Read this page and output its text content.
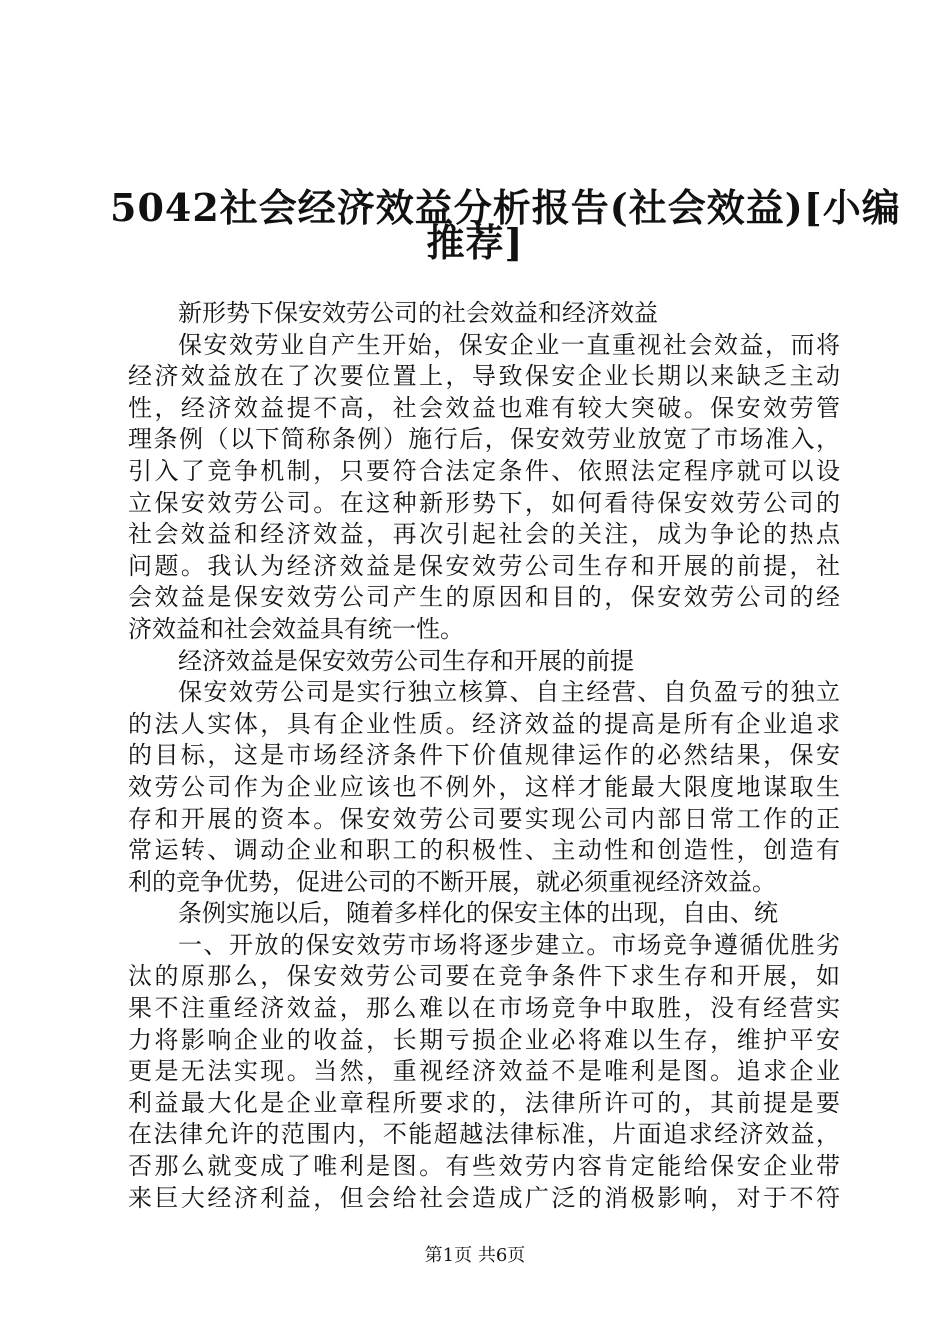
5042社会经济效益分析报告(社会效益)[小编
推荐]
新形势下保安效劳公司的社会效益和经济效益
保安效劳业自产生开始，保安企业一直重视社会效益，而将
经济效益放在了次要位置上，导致保安企业长期以来缺乏主动
性，经济效益提不高，社会效益也难有较大突破。保安效劳管
理条例（以下简称条例）施行后，保安效劳业放宽了市场准入，
引入了竞争机制，只要符合法定条件、依照法定程序就可以设
立保安效劳公司。在这种新形势下，如何看待保安效劳公司的
社会效益和经济效益，再次引起社会的关注，成为争论的热点
问题。我认为经济效益是保安效劳公司生存和开展的前提，社
会效益是保安效劳公司产生的原因和目的，保安效劳公司的经
济效益和社会效益具有统一性。
经济效益是保安效劳公司生存和开展的前提
保安效劳公司是实行独立核算、自主经营、自负盈亏的独立
的法人实体，具有企业性质。经济效益的提高是所有企业追求
的目标，这是市场经济条件下价值规律运作的必然结果，保安
效劳公司作为企业应该也不例外，这样才能最大限度地谋取生
存和开展的资本。保安效劳公司要实现公司内部日常工作的正
常运转、调动企业和职工的积极性、主动性和创造性，创造有
利的竞争优势，促进公司的不断开展，就必须重视经济效益。
条例实施以后，随着多样化的保安主体的出现，自由、统
一、开放的保安效劳市场将逐步建立。市场竞争遵循优胜劣
汰的原那么，保安效劳公司要在竞争条件下求生存和开展，如
果不注重经济效益，那么难以在市场竞争中取胜，没有经营实
力将影响企业的收益，长期亏损企业必将难以生存，维护平安
更是无法实现。当然，重视经济效益不是唯利是图。追求企业
利益最大化是企业章程所要求的，法律所许可的，其前提是要
在法律允许的范围内，不能超越法律标准，片面追求经济效益，
否那么就变成了唯利是图。有些效劳内容肯定能给保安企业带
来巨大经济利益，但会给社会造成广泛的消极影响，对于不符
第1页 共6页
